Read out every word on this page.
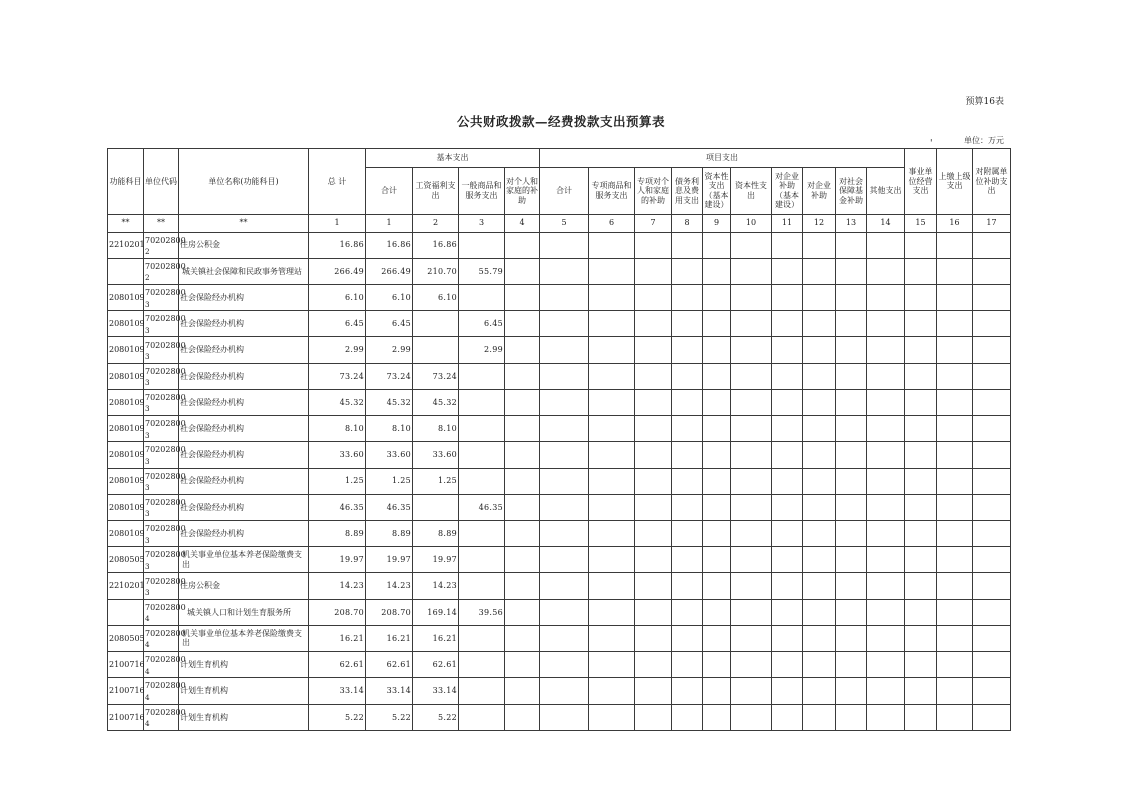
预算16表
公共财政拨款—经费拨款支出预算表
'	单位：万元
功能科目	单位代码	单位名称(功能科目)	总 计	基本支出				项目支出										事业单位经营支出	上缴上级支出	对附属单位补助支出
				合计	工资福利支出	一般商品和服务支出	对个人和家庭的补助	合计	专项商品和服务支出	专项对个人和家庭的补助	债务利息及费用支出	资本性支出（基本建设）	资本性支出	对企业补助（基本建设）	对企业补助	对社会保障基金补助	其他支出			
**	**	**	1	1	2	3	4	5	6	7	8	9	10	11	12	13	14	15	16	17
2210201	702028002	住房公积金	16.86	16.86	16.86															
	702028002	城关镇社会保障和民政事务管理站	266.49	266.49	210.70	55.79														
2080109	702028003	社会保险经办机构	6.10	6.10	6.10															
2080109	702028003	社会保险经办机构	6.45	6.45		6.45														
2080109	702028003	社会保险经办机构	2.99	2.99		2.99														
2080109	702028003	社会保险经办机构	73.24	73.24	73.24															
2080109	702028003	社会保险经办机构	45.32	45.32	45.32															
2080109	702028003	社会保险经办机构	8.10	8.10	8.10															
2080109	702028003	社会保险经办机构	33.60	33.60	33.60															
2080109	702028003	社会保险经办机构	1.25	1.25	1.25															
2080109	702028003	社会保险经办机构	46.35	46.35		46.35														
2080109	702028003	社会保险经办机构	8.89	8.89	8.89															
2080505	702028003	机关事业单位基本养老保险缴费支出	19.97	19.97	19.97															
2210201	702028003	住房公积金	14.23	14.23	14.23															
	702028004	城关镇人口和计划生育服务所	208.70	208.70	169.14	39.56														
2080505	702028004	机关事业单位基本养老保险缴费支出	16.21	16.21	16.21															
2100716	702028004	计划生育机构	62.61	62.61	62.61															
2100716	702028004	计划生育机构	33.14	33.14	33.14															
2100716	702028004	计划生育机构	5.22	5.22	5.22															
